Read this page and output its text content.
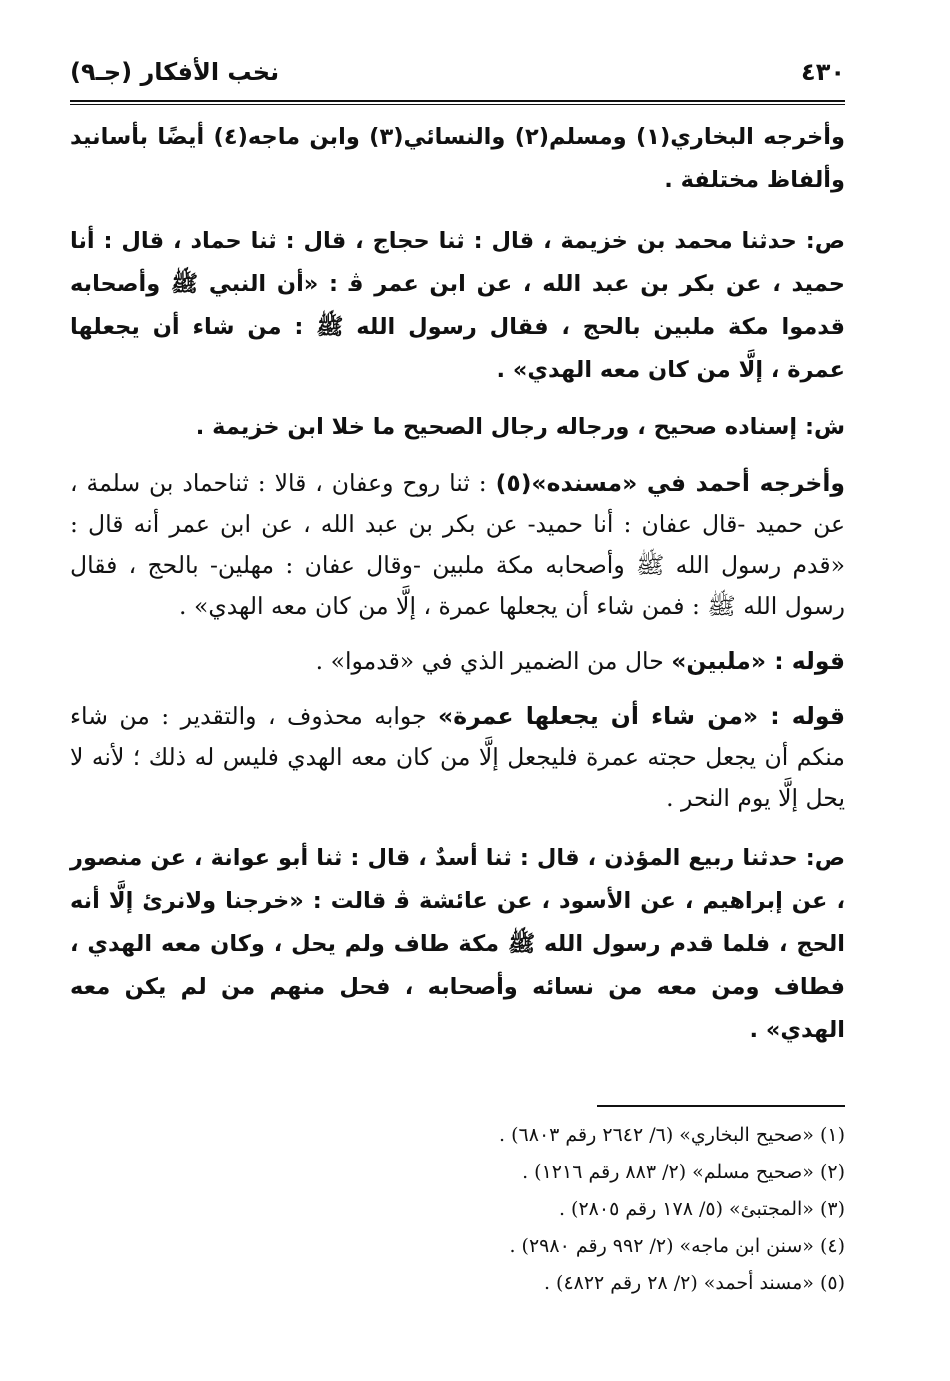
٤٣٠
نخب الأفكار (جـ٩)

وأخرجه البخاري(١) ومسلم(٢) والنسائي(٣) وابن ماجه(٤) أيضًا بأسانيد وألفاظ مختلفة .

ص: حدثنا محمد بن خزيمة ، قال : ثنا حجاج ، قال : ثنا حماد ، قال : أنا حميد ، عن بكر بن عبد الله ، عن ابن عمر ﭬ : «أن النبي ﷺ وأصحابه قدموا مكة ملبين بالحج ، فقال رسول الله ﷺ : من شاء أن يجعلها عمرة ، إلَّا من كان معه الهدي» .

ش: إسناده صحيح ، ورجاله رجال الصحيح ما خلا ابن خزيمة .

وأخرجه أحمد في «مسنده»(٥) : ثنا روح وعفان ، قالا : ثناحماد بن سلمة ، عن حميد -قال عفان : أنا حميد- عن بكر بن عبد الله ، عن ابن عمر أنه قال : «قدم رسول الله ﷺ وأصحابه مكة ملبين -وقال عفان : مهلين- بالحج ، فقال رسول الله ﷺ : فمن شاء أن يجعلها عمرة ، إلَّا من كان معه الهدي» .

قوله : «ملبين» حال من الضمير الذي في «قدموا» .

قوله : «من شاء أن يجعلها عمرة» جوابه محذوف ، والتقدير : من شاء منكم أن يجعل حجته عمرة فليجعل إلَّا من كان معه الهدي فليس له ذلك ؛ لأنه لا يحل إلَّا يوم النحر .

ص: حدثنا ربيع المؤذن ، قال : ثنا أسدٌ ، قال : ثنا أبو عوانة ، عن منصور ، عن إبراهيم ، عن الأسود ، عن عائشة ﭬ قالت : «خرجنا ولانرئ إلَّا أنه الحج ، فلما قدم رسول الله ﷺ مكة طاف ولم يحل ، وكان معه الهدي ، فطاف ومن معه من نسائه وأصحابه ، فحل منهم من لم يكن معه الهدي» .

(١) «صحيح البخاري» (٦/ ٢٦٤٢ رقم ٦٨٠٣) .
(٢) «صحيح مسلم» (٢/ ٨٨٣ رقم ١٢١٦) .
(٣) «المجتبئ» (٥/ ١٧٨ رقم ٢٨٠٥) .
(٤) «سنن ابن ماجه» (٢/ ٩٩٢ رقم ٢٩٨٠) .
(٥) «مسند أحمد» (٢/ ٢٨ رقم ٤٨٢٢) .
